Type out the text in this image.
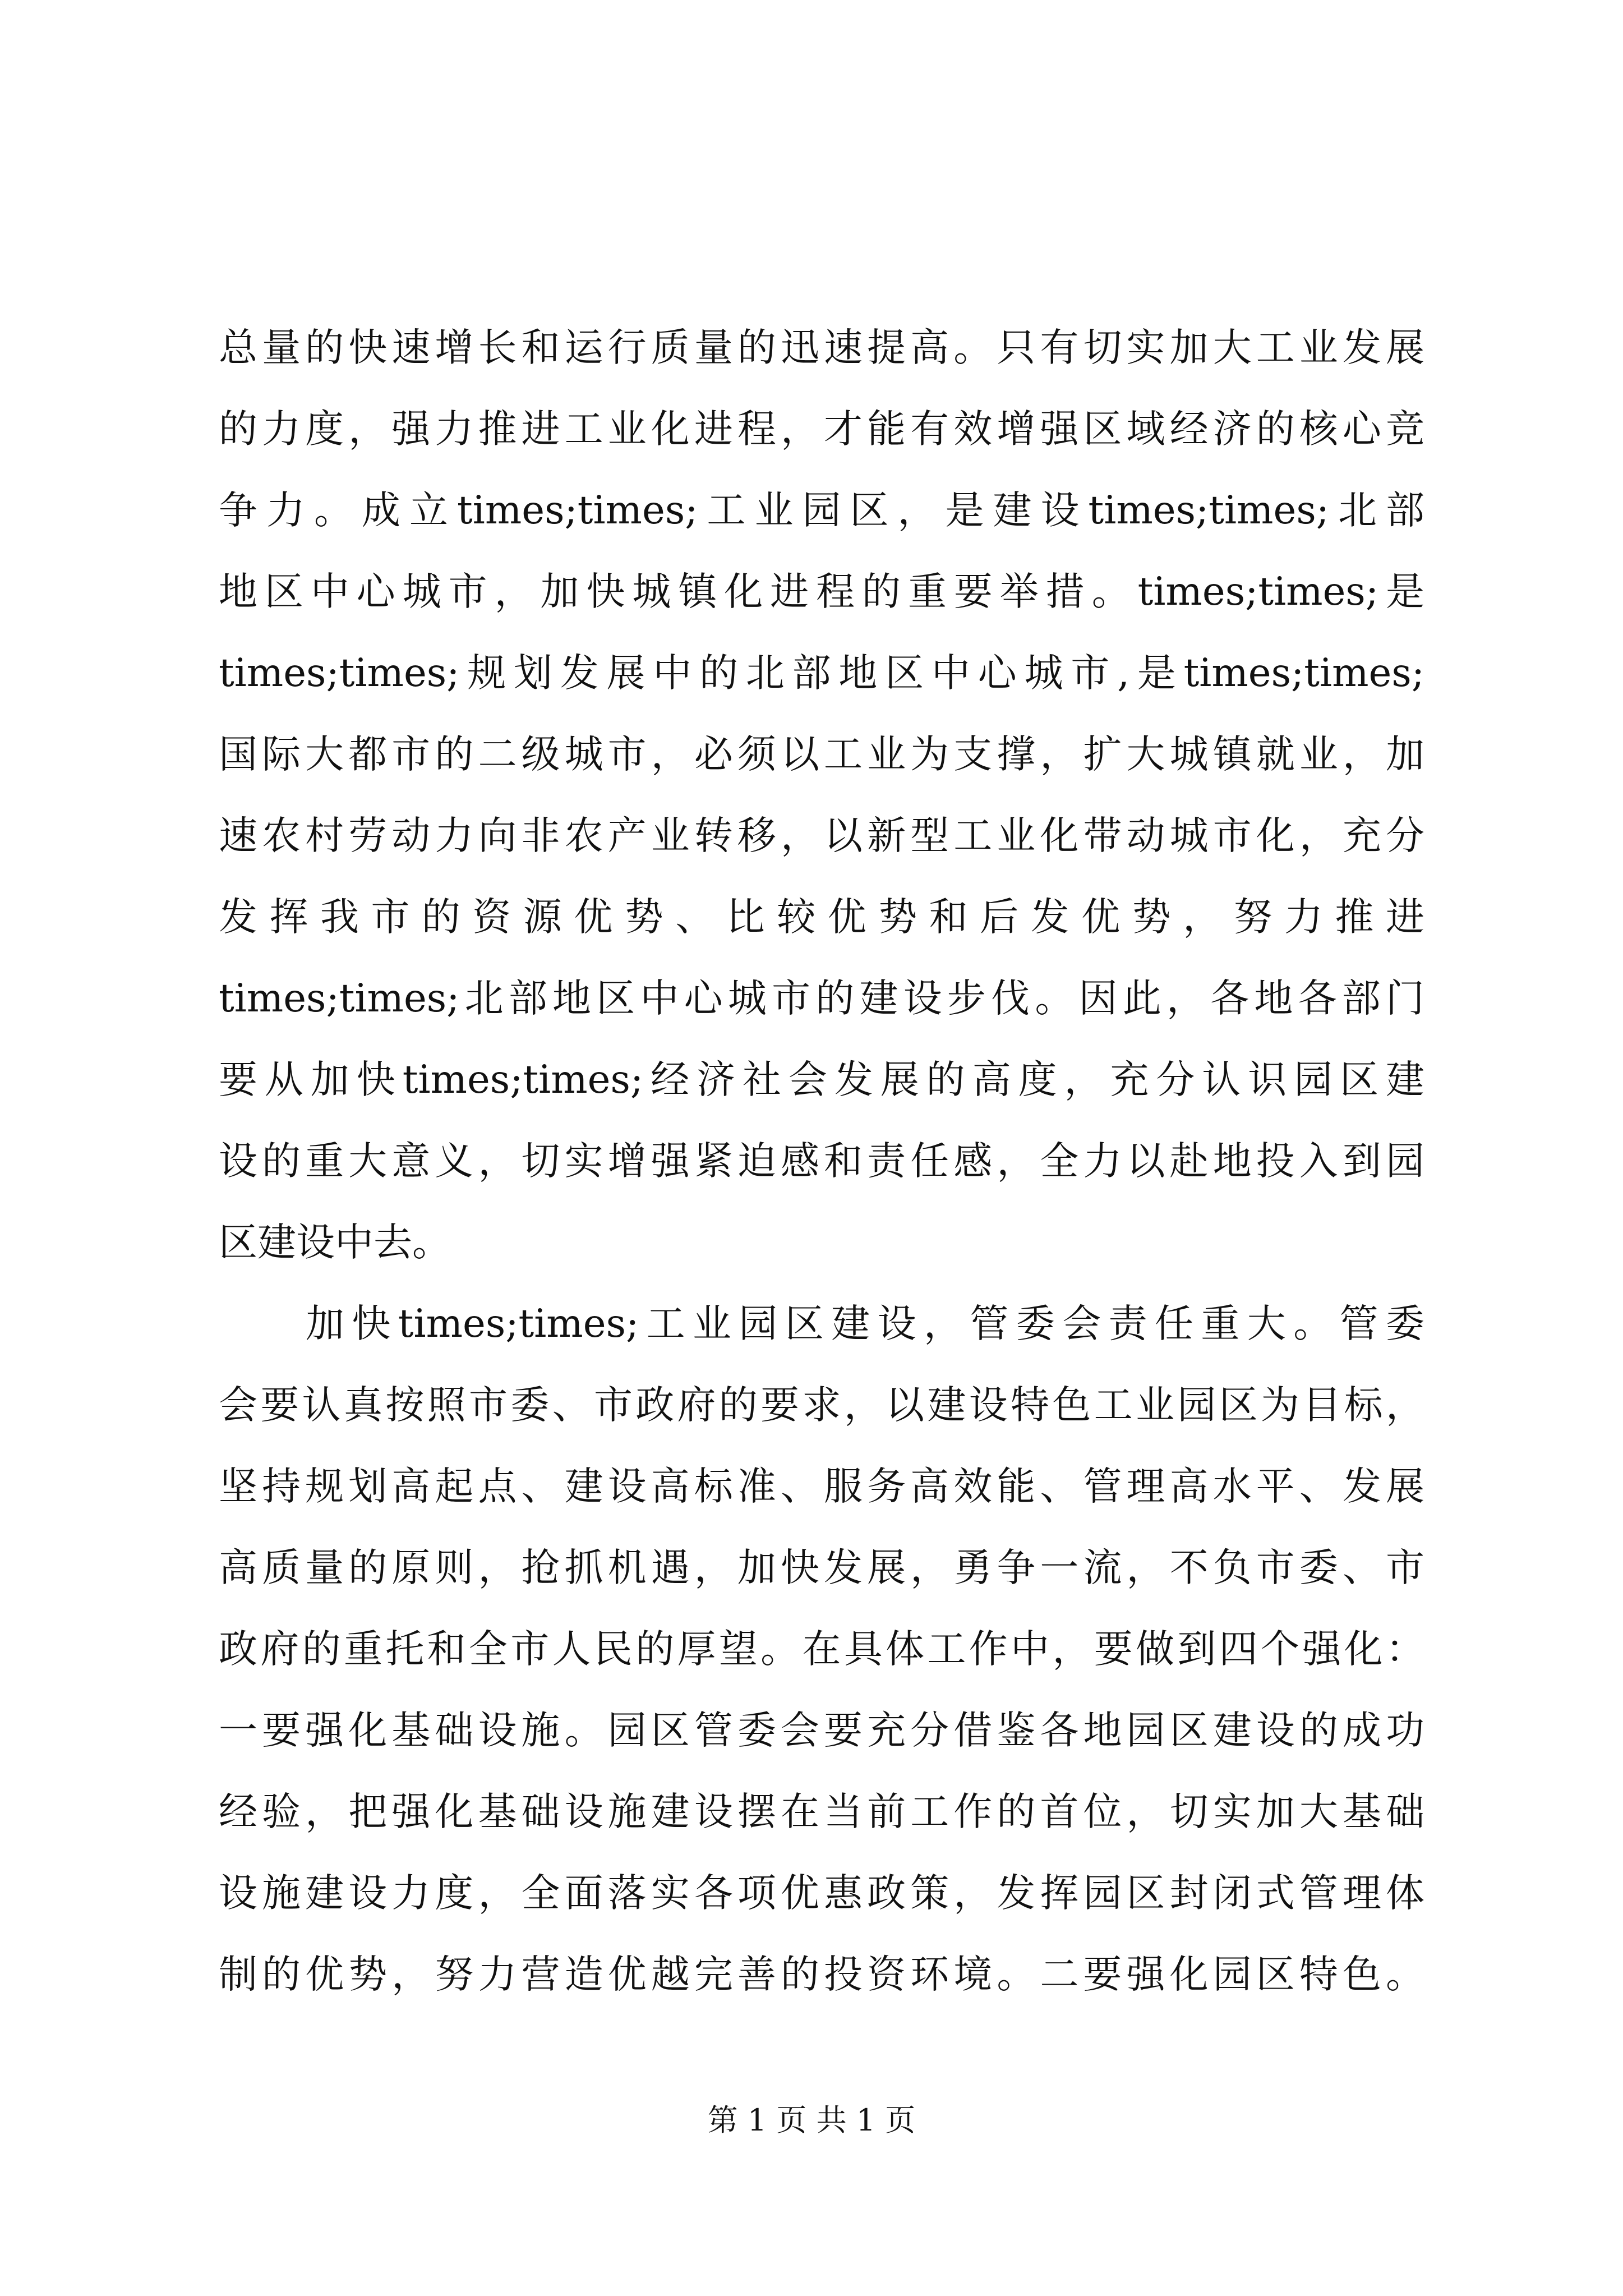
总量的快速增长和运行质量的迅速提高。只有切实加大工业发展
的力度，强力推进工业化进程，才能有效增强区域经济的核心竞
争力。成立times;times;工业园区，是建设times;times;北部
地区中心城市，加快城镇化进程的重要举措。times;times;是
times;times;规划发展中的北部地区中心城市,是times;times;
国际大都市的二级城市，必须以工业为支撑，扩大城镇就业，加
速农村劳动力向非农产业转移，以新型工业化带动城市化，充分
发挥我市的资源优势、比较优势和后发优势，努力推进
times;times;北部地区中心城市的建设步伐。因此，各地各部门
要从加快times;times;经济社会发展的高度，充分认识园区建
设的重大意义，切实增强紧迫感和责任感，全力以赴地投入到园
区建设中去。
加快times;times;工业园区建设，管委会责任重大。管委
会要认真按照市委、市政府的要求，以建设特色工业园区为目标，
坚持规划高起点、建设高标准、服务高效能、管理高水平、发展
高质量的原则，抢抓机遇，加快发展，勇争一流，不负市委、市
政府的重托和全市人民的厚望。在具体工作中，要做到四个强化：
一要强化基础设施。园区管委会要充分借鉴各地园区建设的成功
经验，把强化基础设施建设摆在当前工作的首位，切实加大基础
设施建设力度，全面落实各项优惠政策，发挥园区封闭式管理体
制的优势，努力营造优越完善的投资环境。二要强化园区特色。
第 1 页 共 1 页
